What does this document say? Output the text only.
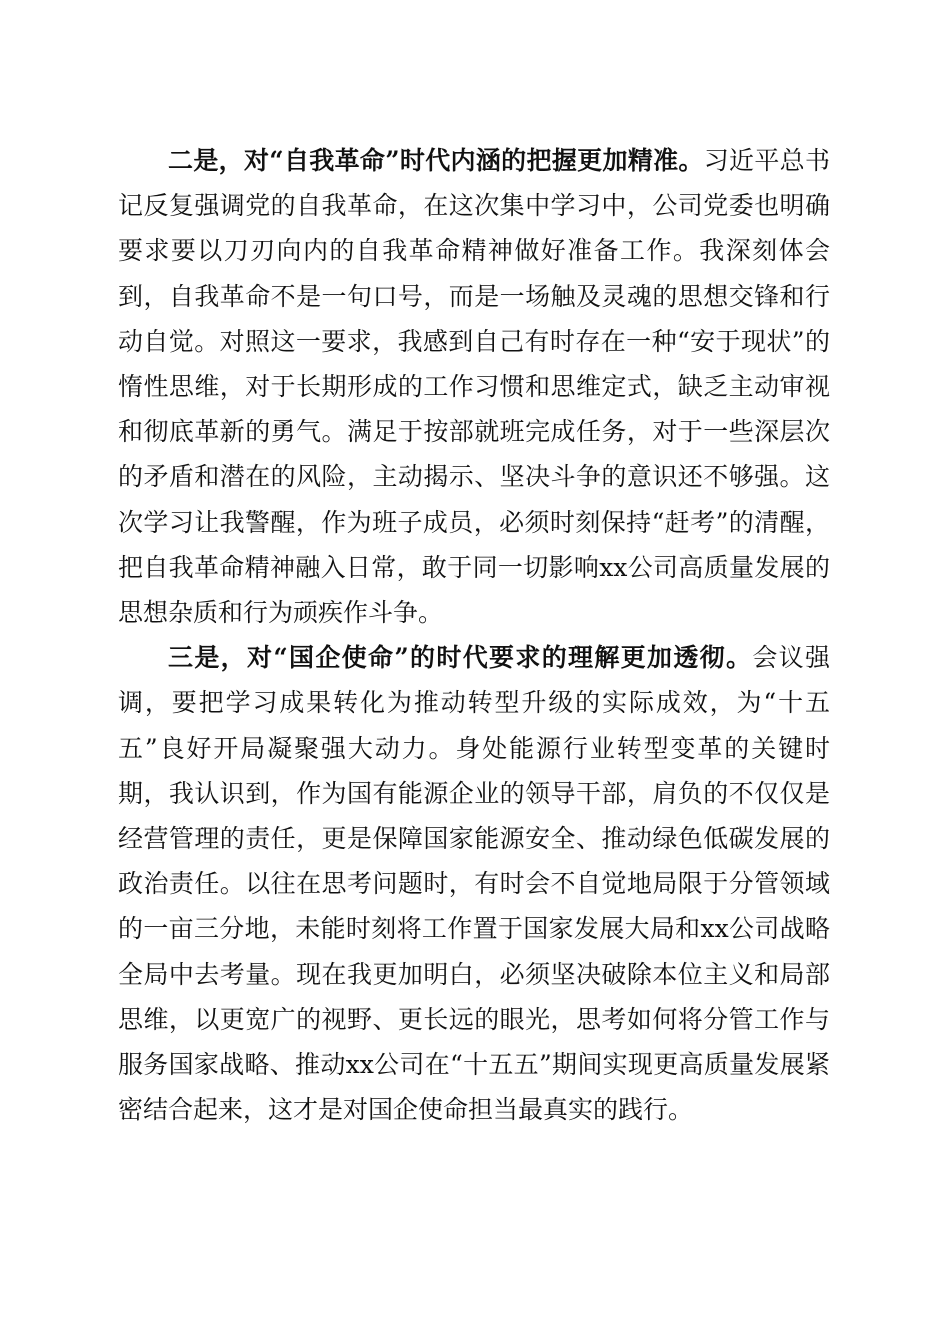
二是，对“自我革命”时代内涵的把握更加精准。习近平总书记反复强调党的自我革命，在这次集中学习中，公司党委也明确要求要以刀刃向内的自我革命精神做好准备工作。我深刻体会到，自我革命不是一句口号，而是一场触及灵魂的思想交锋和行动自觉。对照这一要求，我感到自己有时存在一种“安于现状”的惰性思维，对于长期形成的工作习惯和思维定式，缺乏主动审视和彻底革新的勇气。满足于按部就班完成任务，对于一些深层次的矛盾和潜在的风险，主动揭示、坚决斗争的意识还不够强。这次学习让我警醒，作为班子成员，必须时刻保持“赶考”的清醒，把自我革命精神融入日常，敢于同一切影响xx公司高质量发展的思想杂质和行为顽疾作斗争。

三是，对“国企使命”的时代要求的理解更加透彻。会议强调，要把学习成果转化为推动转型升级的实际成效，为“十五五”良好开局凝聚强大动力。身处能源行业转型变革的关键时期，我认识到，作为国有能源企业的领导干部，肩负的不仅仅是经营管理的责任，更是保障国家能源安全、推动绿色低碳发展的政治责任。以往在思考问题时，有时会不自觉地局限于分管领域的一亩三分地，未能时刻将工作置于国家发展大局和xx公司战略全局中去考量。现在我更加明白，必须坚决破除本位主义和局部思维，以更宽广的视野、更长远的眼光，思考如何将分管工作与服务国家战略、推动xx公司在“十五五”期间实现更高质量发展紧密结合起来，这才是对国企使命担当最真实的践行。
